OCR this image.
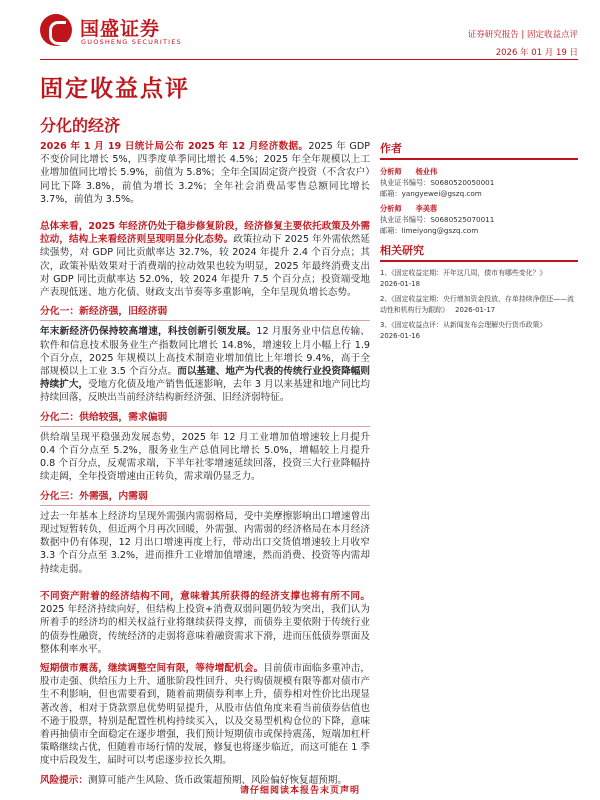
国盛证券
GUOSHENG SECURITIES
证券研究报告 | 固定收益点评
2026 年 01 月 19 日
固定收益点评
分化的经济

2026 年 1 月 19 日统计局公布 2025 年 12 月经济数据。2025 年 GDP 不变价同比增长 5%，四季度单季同比增长 4.5%；2025 年全年规模以上工业增加值同比增长 5.9%，前值为 5.8%；全年全国固定资产投资（不含农户）同比下降 3.8%，前值为增长 3.2%；全年社会消费品零售总额同比增长 3.7%，前值为 3.5%。

总体来看，2025 年经济仍处于稳步修复阶段，经济修复主要依托政策及外需拉动，结构上来看经济则呈现明显分化态势。政策拉动下 2025 年外需依然延续强势，对 GDP 同比贡献率达 32.7%，较 2024 年提升 2.4 个百分点；其次，政策补贴效果对于消费端的拉动效果也较为明显，2025 年最终消费支出对 GDP 同比贡献率达 52.0%，较 2024 年提升 7.5 个百分点；投资端受地产表现低迷、地方化债、财政支出节奏等多重影响，全年呈现负增长态势。

分化一：新经济强，旧经济弱

年末新经济仍保持较高增速，科技创新引领发展。12 月服务业中信息传输、软件和信息技术服务业生产指数同比增长 14.8%，增速较上月小幅上行 1.9 个百分点，2025 年规模以上高技术制造业增加值比上年增长 9.4%，高于全部规模以上工业 3.5 个百分点。而以基建、地产为代表的传统行业投资降幅则持续扩大，受地方化债及地产销售低迷影响，去年 3 月以来基建和地产同比均持续回落，反映出当前经济结构新经济强、旧经济弱特征。

分化二：供给较强，需求偏弱

供给端呈现平稳强劲发展态势，2025 年 12 月工业增加值增速较上月提升 0.4 个百分点至 5.2%，服务业生产总值同比增长 5.0%，增幅较上月提升 0.8 个百分点，反观需求端，下半年社零增速延续回落，投资三大行业降幅持续走阔，全年投资增速由正转负，需求端仍显乏力。

分化三：外需强，内需弱

过去一年基本上经济均呈现外需强内需弱格局，受中美摩擦影响出口增速曾出现过短暂转负，但近两个月再次回暖，外需强、内需弱的经济格局在本月经济数据中仍有体现，12 月出口增速再度上行，带动出口交货值增速较上月收窄 3.3 个百分点至 3.2%，进而推升工业增加值增速，然而消费、投资等内需却持续走弱。

不同资产附着的经济结构不同，意味着其所获得的经济支撑也将有所不同。2025 年经济持续向好，但结构上投资+消费双弱问题仍较为突出，我们认为所着手的经济均的相关权益行业将继续获得支撑，而债券主要依附于传统行业的债券性融资，传统经济的走弱将意味着融资需求下滑，进而压低债券票面及整体利率水平。

短期债市震荡，继续调整空间有限，等待增配机会。目前债市面临多重冲击，股市走强、供给压力上升、通胀阶段性回升、央行购债规模有限等都对债市产生不利影响，但也需要看到，随着前期债券利率上升，债券相对性价比出现显著改善，相对于贷款票息优势明显提升，从股市估值角度来看当前债券估值也不逊于股票，特别是配置性机构持续买入，以及交易型机构仓位的下降，意味着再抽债市全面稳定在逐步增强，我们预计短期债市或保持震荡，短端加杠杆策略继续占优，但随着市场行情的发展，修复也将逐步临近，而这可能在 1 季度中后段发生，届时可以考虑逐步拉长久期。

风险提示：测算可能产生风险、货币政策超预期、风险偏好恢复超预期。

作者
分析师 杨业伟
执业证书编号：S0680520050001
邮箱：yangyewei@gszq.com
分析师 李美蓉
执业证书编号：S0680525070011
邮箱：limeiyong@gszq.com
相关研究
1、《固定收益定期：开年这几周，债市有哪些变化？》
2026-01-18
2、《固定收益定期：央行增加资金投放，存单持续净偿还——流动性和机构行为跟踪》 2026-01-17
3、《固定收益点评：从新闻发布会理解央行货币政策》
2026-01-16
请仔细阅读本报告末页声明
